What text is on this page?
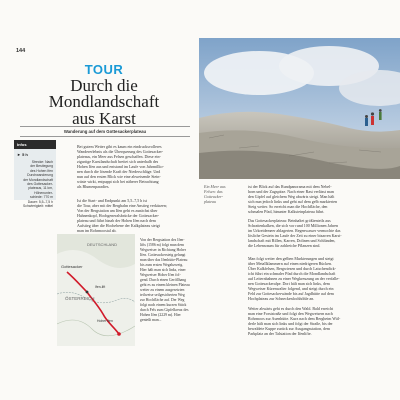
144
TOUR
Durch die Mondlandschaft
aus Karst
Wanderung auf dem Gottesackerplateau
Infos
► 5 h
Strecke: Nach
der Bestiegung
des Hohen Ifen
Durchwanderung
der Mondlandschaft
des Gottesacker-
plateaus, 11 km,
Höhenunter-
schiede: 770 m
Dauer: 5,5–7,5 h
Schwierigkeit: mittel
Bei gutem Wetter gibt es kaum ein eindrucksvolleres
Wandererlebnis als die Überquerung des Gottesacker-
plateaus, ein Meer aus Felsen geschaffen. Diese ein-
zigartige Karstlandschaft breitet sich unterhalb des
Hohen Ifen aus und entstand im Laufe von Jahrmillio-
nen durch die lösende Kraft der Niederschläge. Und
nun auf den ersten Blick wie eine abweisende Stein-
wüste wirkt, entpuppt sich bei näherer Betrachtung
als Blumenparadies.
Ist die Start- und Endpunkt am 5,5–7,5 h ist
die Tour, aber mit der Bergbahn eine Anstieg verkürzen;
Von der Bergstation am Ifen geht es zunächst über
Hahnenkopf, Hochgeneralsbrücke der Gottesacker-
plateau und führt hinab der Hohen Ifen nach dem
Aufstieg über die Hochebene der Kalkplateau steigt
man im Rohrmoostal ab.
DEUTSCHLAND
Gottesacker
ÖSTERREICH
Ifen-lift
Hoher Ifen
Von der Bergstation des Ifen-
lifts (1586 m) folgt man dem
Wegweiser in Richtung Hoher
Ifen. Gottesackersteig gelangt
man über das Ifenhütte-Plateau
bis zum ersten Wegabzweig.
Hier hält man sich links, einer
Wegweiser Hoher Ifen fol-
gend. Durch einen Geröllhang
geht es zu einem kleinen Plateau
weiter zu einem ausgesetzten
teilweise seilgesicherten Weg
zur Hochfläche auf. Der Weg
folgt nach einem kurzen Stück
durch Fels zum Gipfelkreuz des
Hohen Ifen (2229 m). Hier
genießt man...
Ein Meer aus
Felsen: das
Gotteacker-
plateau
ist der Blick auf das Rundpanorama mit dem Nebel-
horn und der Zugspitze. Nach einer Rast verlässt man
den Gipfel auf gleichem Weg abwärts steigt. Man hält
sich nun jedoch links und geht auf dem gelb markierten
Steig weiter. So erreicht man die Hochfläche, den
schmalen Pfad, hinunter Kalksteinplateau führt.
Das Gottesackerplateau: Beinhaltet größtenteils aus
Schrattenkalken, die sich vor rund 100 Millionen Jahren
im Urkreidemeer ablagerten. Regenwasser vermochte das
lösliche Gestein im Laufe der Zeit zu einer bizarren Karst-
landschaft mit Rillen, Karren, Dolinen und Schlünden,
die Lebensraum für zahlreiche Pflanzen sind.
Man folgt weiter den gelben Markierungen und steigt
über Metallklammern auf einen niedrigeren Rücken.
Über Kalkfelsen, Bergwiesen und durch Latschendick-
icht führt ein schmaler Pfad durch die Mondlandschaft
auf Leiternbahnen zu einer Wegkreuzung an der verfalle-
nen Gottesackeralpe. Dort hält man sich links, dem
Wegweiser Kürenwalter folgend, und steigt durch ein
Feld zur Gottesackerwände bis auf Jagdhütte auf dem
Hochplateau zur Schneckenlochhöhle an.
Weiter abwärts geht es durch den Wald. Bald erreicht
man eine Forststraße und folgt den Wegweisern nach
Rohrmoos zur Auenhütte. Kurz nach dem Bergheim Wäl-
derle hält man sich links und folgt der Straße, bis der
bewaldete Kuppe zurück zur Ausgangsstation, dem
Parkplatz an der Talstation der Ifenlifte.
